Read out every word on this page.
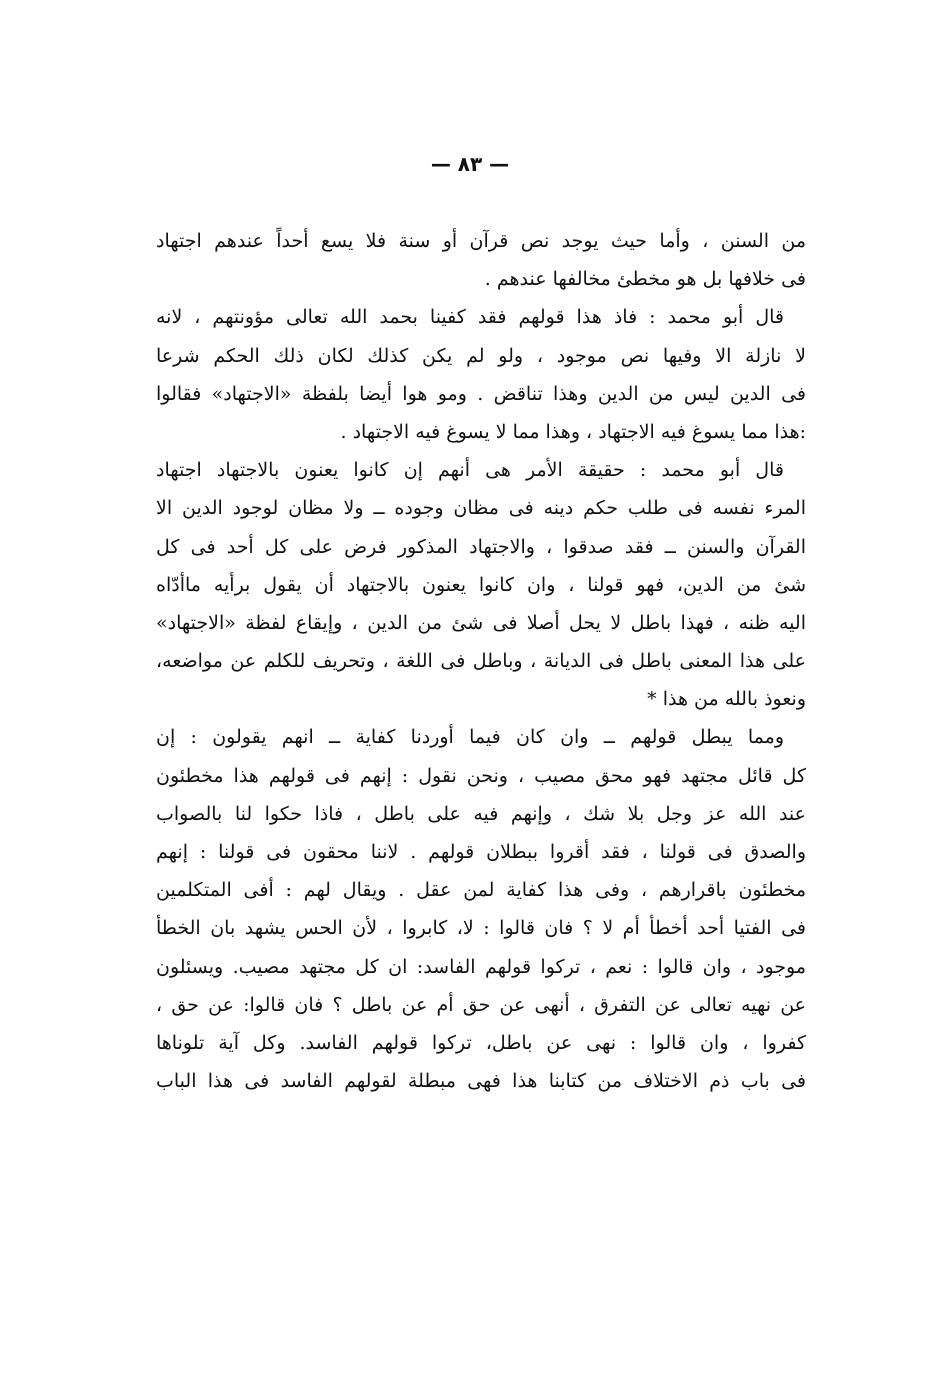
— ٨٣ —
من السنن ، وأما حيث يوجد نص قرآن أو سنة فلا يسع أحداً عندهم اجتهاد
فى خلافها بل هو مخطئ مخالفها عندهم .
قال أبو محمد : فاذ هذا قولهم فقد كفينا بحمد الله تعالى مؤونتهم ، لانه
لا نازلة الا وفيها نص موجود ، ولو لم يكن كذلك لكان ذلك الحكم شرعا
فى الدين ليس من الدين وهذا تناقض . ومو هوا أيضا بلفظة «الاجتهاد» فقالوا
:هذا مما يسوغ فيه الاجتهاد ، وهذا مما لا يسوغ فيه الاجتهاد .
قال أبو محمد : حقيقة الأمر هى أنهم إن كانوا يعنون بالاجتهاد اجتهاد
المرء نفسه فى طلب حكم دينه فى مظان وجوده ــ ولا مظان لوجود الدين الا
القرآن والسنن ــ فقد صدقوا ، والاجتهاد المذكور فرض على كل أحد فى كل
شئ من الدين، فهو قولنا ، وان كانوا يعنون بالاجتهاد أن يقول برأيه ماأدّاه
اليه ظنه ، فهذا باطل لا يحل أصلا فى شئ من الدين ، وإيقاع لفظة «الاجتهاد»
على هذا المعنى باطل فى الديانة ، وباطل فى اللغة ، وتحريف للكلم عن مواضعه،
ونعوذ بالله من هذا *
ومما يبطل قولهم ــ وان كان فيما أوردنا كفاية ــ انهم يقولون : إن
كل قائل مجتهد فهو محق مصيب ، ونحن نقول : إنهم فى قولهم هذا مخطئون
عند الله عز وجل بلا شك ، وإنهم فيه على باطل ، فاذا حكوا لنا بالصواب
والصدق فى قولنا ، فقد أقروا ببطلان قولهم . لاننا محقون فى قولنا : إنهم
مخطئون باقرارهم ، وفى هذا كفاية لمن عقل . ويقال لهم : أفى المتكلمين
فى الفتيا أحد أخطأ أم لا ؟ فان قالوا : لا، كابروا ، لأن الحس يشهد بان الخطأ
موجود ، وان قالوا : نعم ، تركوا قولهم الفاسد: ان كل مجتهد مصيب. ويسئلون
عن نهيه تعالى عن التفرق ، أنهى عن حق أم عن باطل ؟ فان قالوا: عن حق ،
كفروا ، وان قالوا : نهى عن باطل، تركوا قولهم الفاسد. وكل آية تلوناها
فى باب ذم الاختلاف من كتابنا هذا فهى مبطلة لقولهم الفاسد فى هذا الباب
